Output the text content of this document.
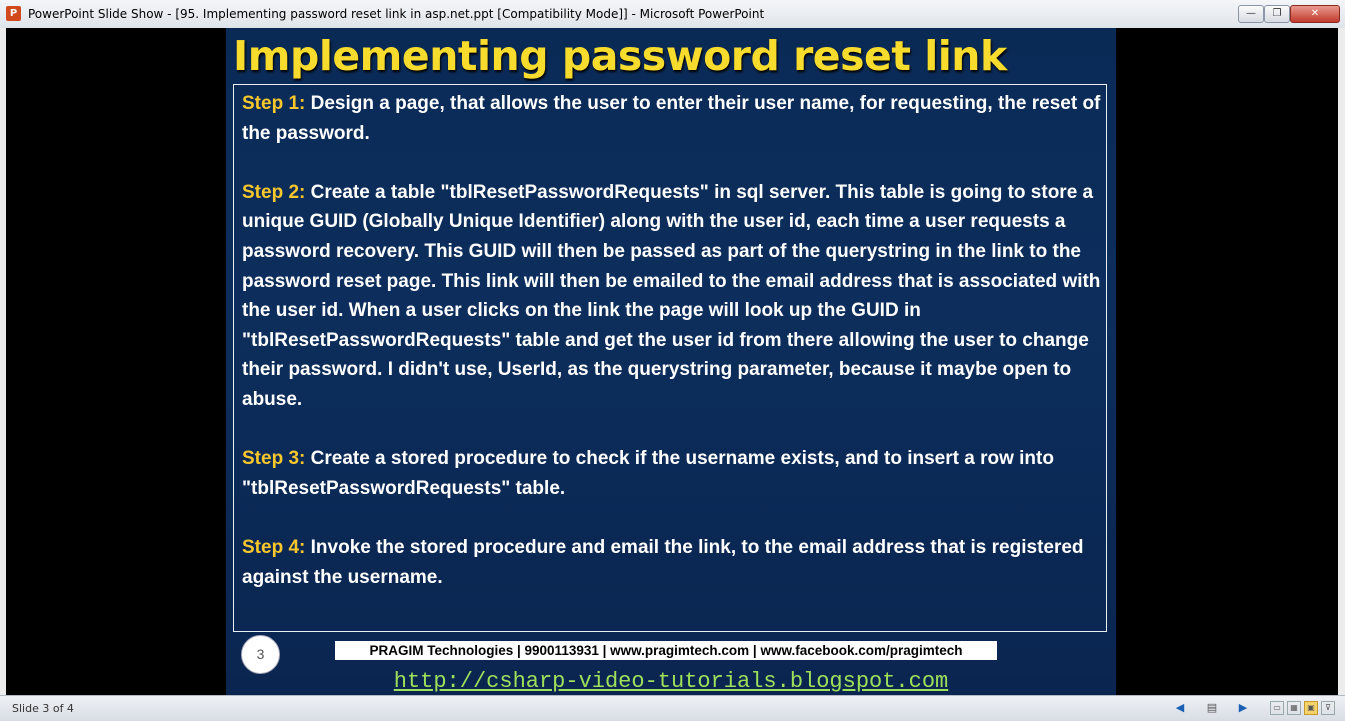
P PowerPoint Slide Show - [95. Implementing password reset link in asp.net.ppt [Compatibility Mode]] - Microsoft PowerPoint	—	❐	✕
Implementing password reset link

Step 1: Design a page, that allows the user to enter their user name, for requesting, the reset of the password.

Step 2: Create a table "tblResetPasswordRequests" in sql server. This table is going to store a unique GUID (Globally Unique Identifier) along with the user id, each time a user requests a password recovery. This GUID will then be passed as part of the querystring in the link to the password reset page. This link will then be emailed to the email address that is associated with the user id. When a user clicks on the link the page will look up the GUID in "tblResetPasswordRequests" table and get the user id from there allowing the user to change their password. I didn't use, UserId, as the querystring parameter, because it maybe open to abuse.

Step 3: Create a stored procedure to check if the username exists, and to insert a row into "tblResetPasswordRequests" table.

Step 4: Invoke the stored procedure and email the link, to the email address that is registered against the username.

3	PRAGIM Technologies | 9900113931 | www.pragimtech.com | www.facebook.com/pragimtech
http://csharp-video-tutorials.blogspot.com
Slide 3 of 4	◀ ▤ ▶	▭	▦	▣	⊽
